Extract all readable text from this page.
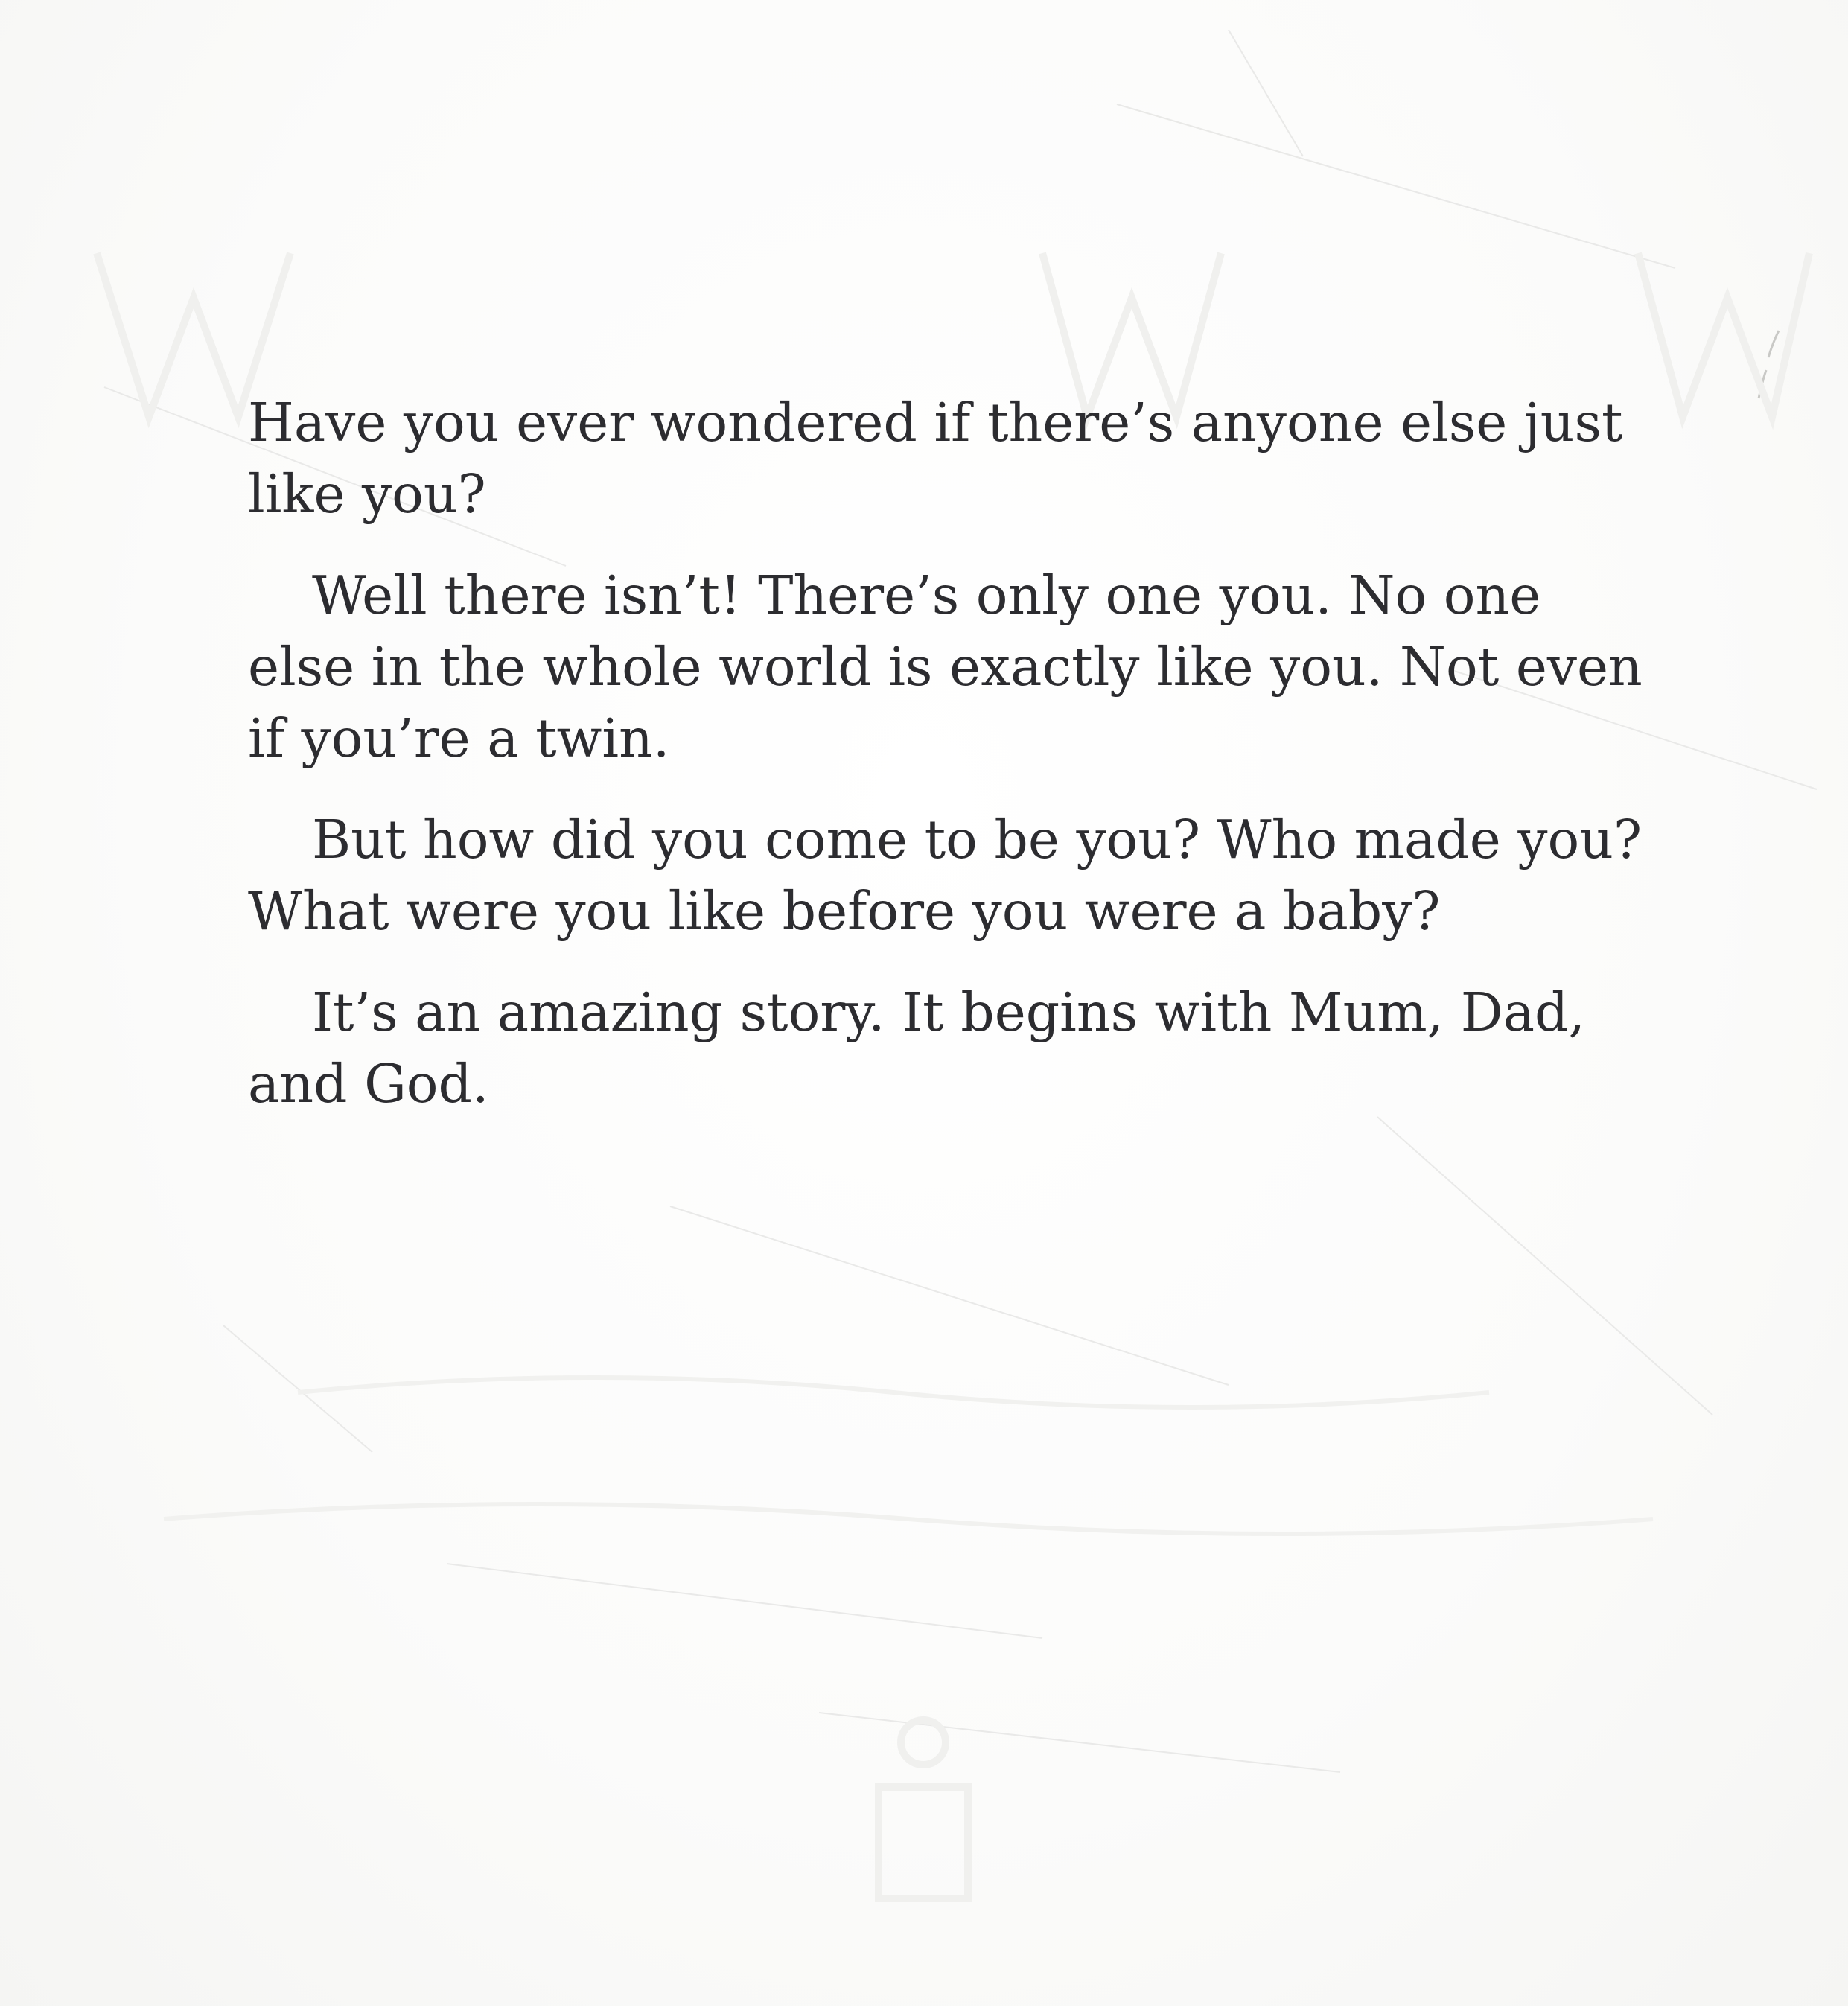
Have you ever wondered if there’s anyone else just like you?

Well there isn’t! There’s only one you. No one else in the whole world is exactly like you. Not even if you’re a twin.

But how did you come to be you? Who made you? What were you like before you were a baby?

It’s an amazing story. It begins with Mum, Dad, and God.
